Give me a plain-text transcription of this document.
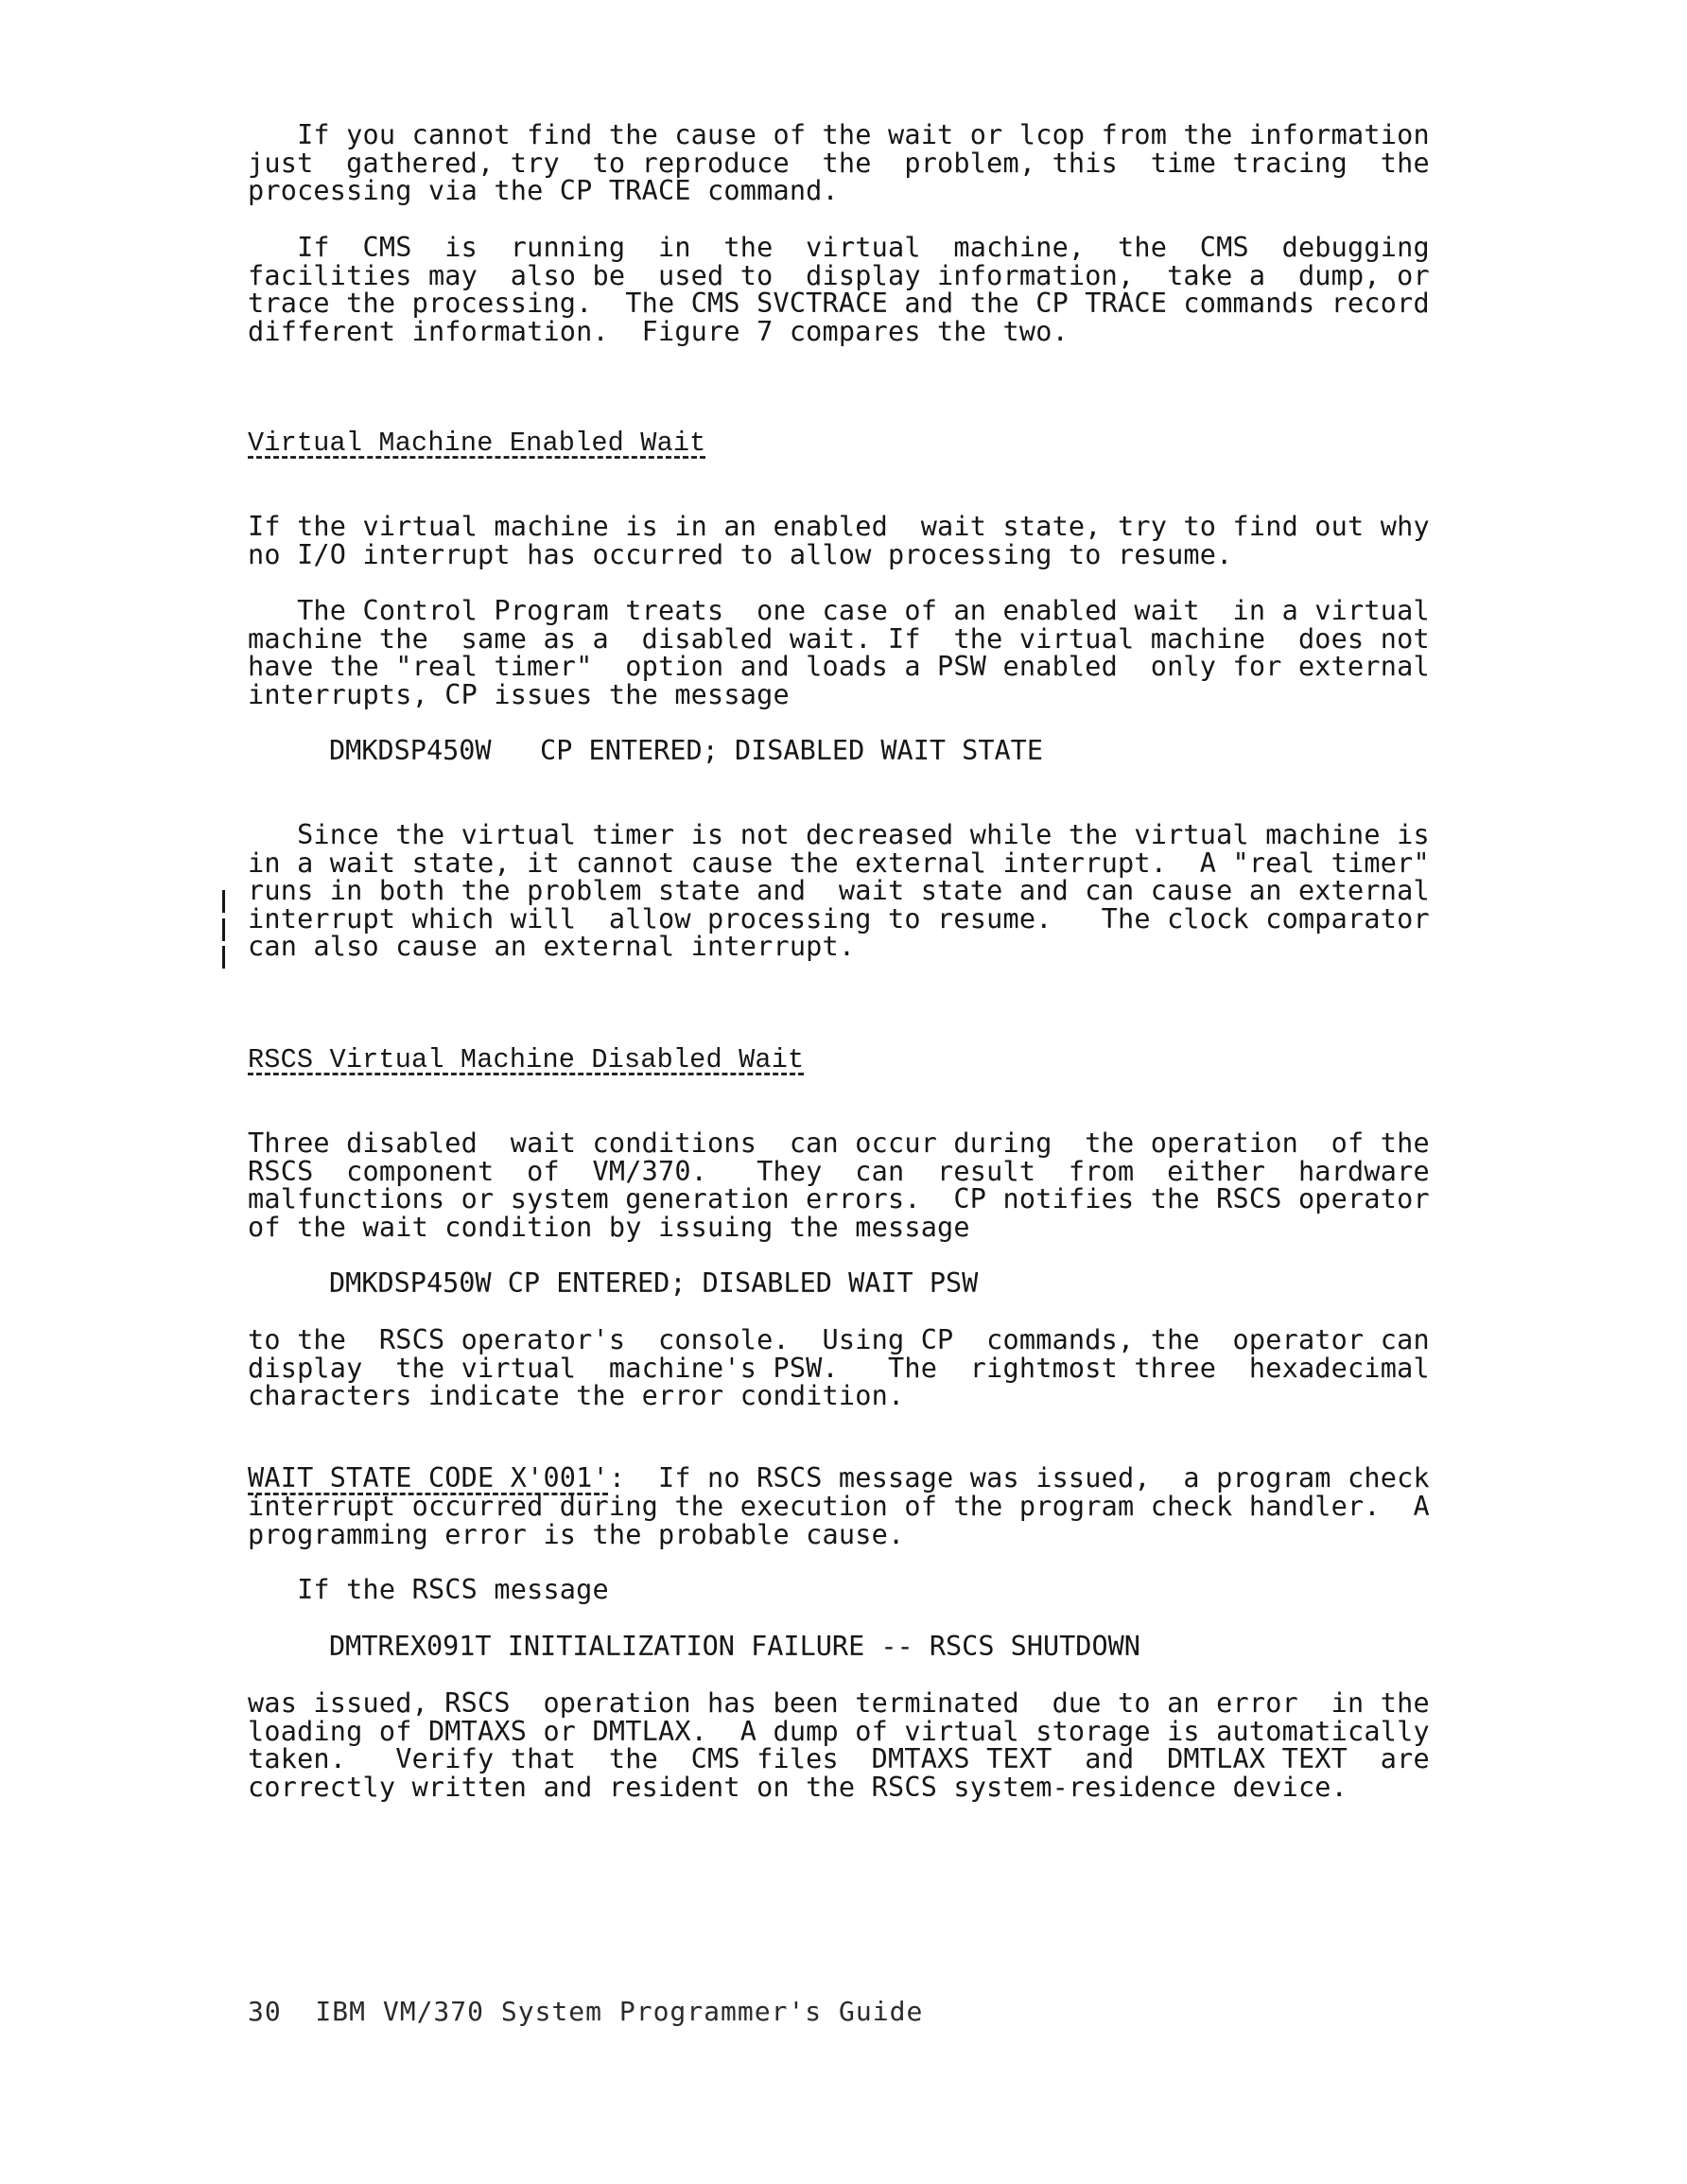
If you cannot find the cause of the wait or lcop from the information
just  gathered, try  to reproduce  the  problem, this  time tracing  the
processing via the CP TRACE command.
If  CMS  is  running  in  the  virtual  machine,  the  CMS  debugging
facilities may  also be  used to  display information,  take a  dump, or
trace the processing.  The CMS SVCTRACE and the CP TRACE commands record
different information.  Figure 7 compares the two.
Virtual Machine Enabled Wait
If the virtual machine is in an enabled  wait state, try to find out why
no I/O interrupt has occurred to allow processing to resume.
The Control Program treats  one case of an enabled wait  in a virtual
machine the  same as a  disabled wait. If  the virtual machine  does not
have the "real timer"  option and loads a PSW enabled  only for external
interrupts, CP issues the message
DMKDSP450W   CP ENTERED; DISABLED WAIT STATE
Since the virtual timer is not decreased while the virtual machine is
in a wait state, it cannot cause the external interrupt.  A "real timer"
runs in both the problem state and  wait state and can cause an external
interrupt which will  allow processing to resume.   The clock comparator
can also cause an external interrupt.
RSCS Virtual Machine Disabled Wait
Three disabled  wait conditions  can occur during  the operation  of the
RSCS  component  of  VM/370.   They  can  result  from  either  hardware
malfunctions or system generation errors.  CP notifies the RSCS operator
of the wait condition by issuing the message
DMKDSP450W CP ENTERED; DISABLED WAIT PSW
to the  RSCS operator's  console.  Using CP  commands, the  operator can
display  the virtual  machine's PSW.   The  rightmost three  hexadecimal
characters indicate the error condition.
WAIT STATE CODE X'001':  If no RSCS message was issued,  a program check
interrupt occurred during the execution of the program check handler.  A
programming error is the probable cause.
If the RSCS message
DMTREX091T INITIALIZATION FAILURE -- RSCS SHUTDOWN
was issued, RSCS  operation has been terminated  due to an error  in the
loading of DMTAXS or DMTLAX.  A dump of virtual storage is automatically
taken.   Verify that  the  CMS files  DMTAXS TEXT  and  DMTLAX TEXT  are
correctly written and resident on the RSCS system-residence device.
30  IBM VM/370 System Programmer's Guide
